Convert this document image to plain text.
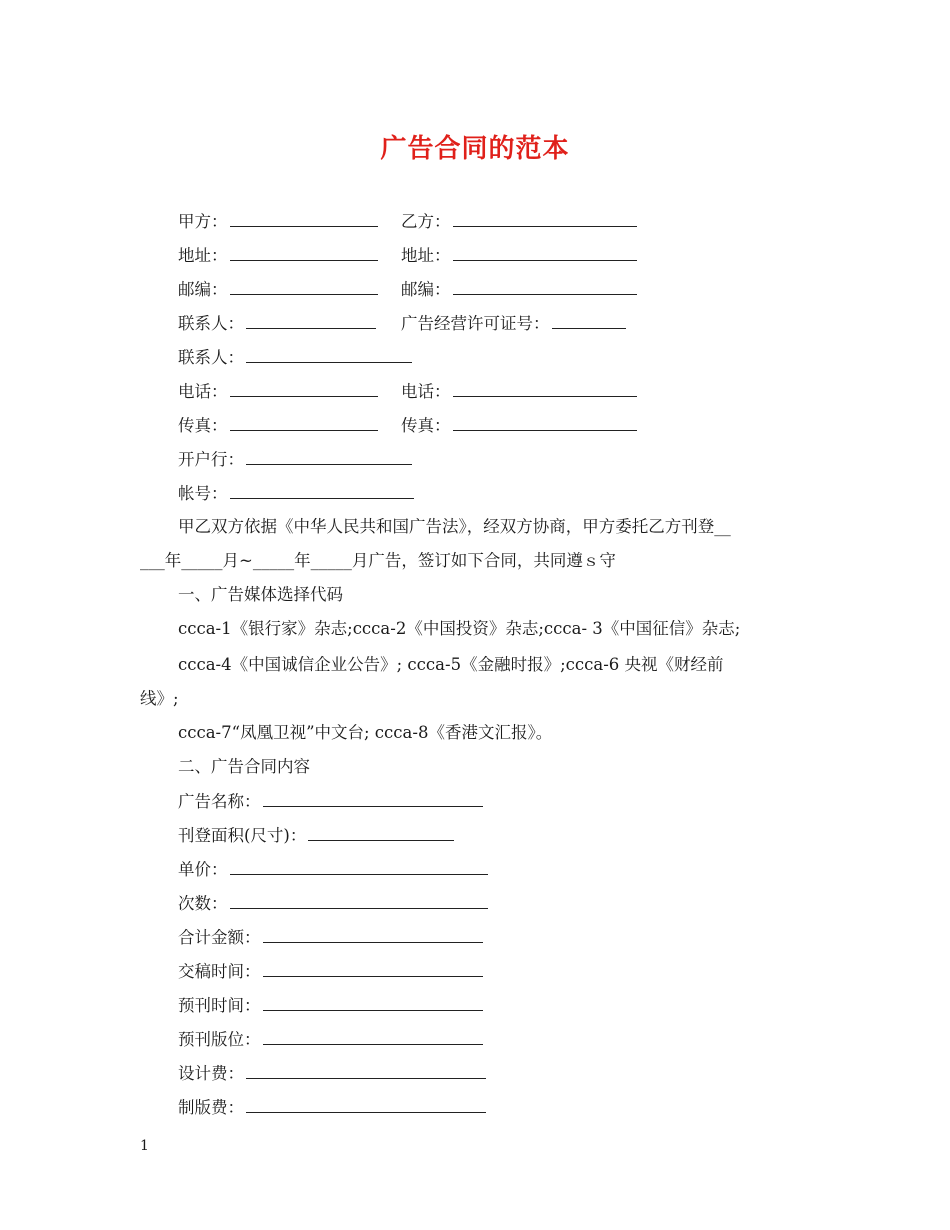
广告合同的范本
甲方：	乙方：
地址：	地址：
邮编：	邮编：
联系人：	广告经营许可证号：
联系人：
电话：	电话：
传真：	传真：
开户行：
帐号：
甲乙双方依据《中华人民共和国广告法》，经双方协商，甲方委托乙方刊登__
___年_____月~_____年_____月广告，签订如下合同，共同遵ｓ守
一、广告媒体选择代码
ccca-1《银行家》杂志;ccca-2《中国投资》杂志;ccca- 3《中国征信》杂志;
ccca-4《中国诚信企业公告》; ccca-5《金融时报》;ccca-6 央视《财经前
线》;
ccca-7“凤凰卫视”中文台; ccca-8《香港文汇报》。
二、广告合同内容
广告名称：
刊登面积(尺寸)：
单价：
次数：
合计金额：
交稿时间：
预刊时间：
预刊版位：
设计费：
制版费：
1
